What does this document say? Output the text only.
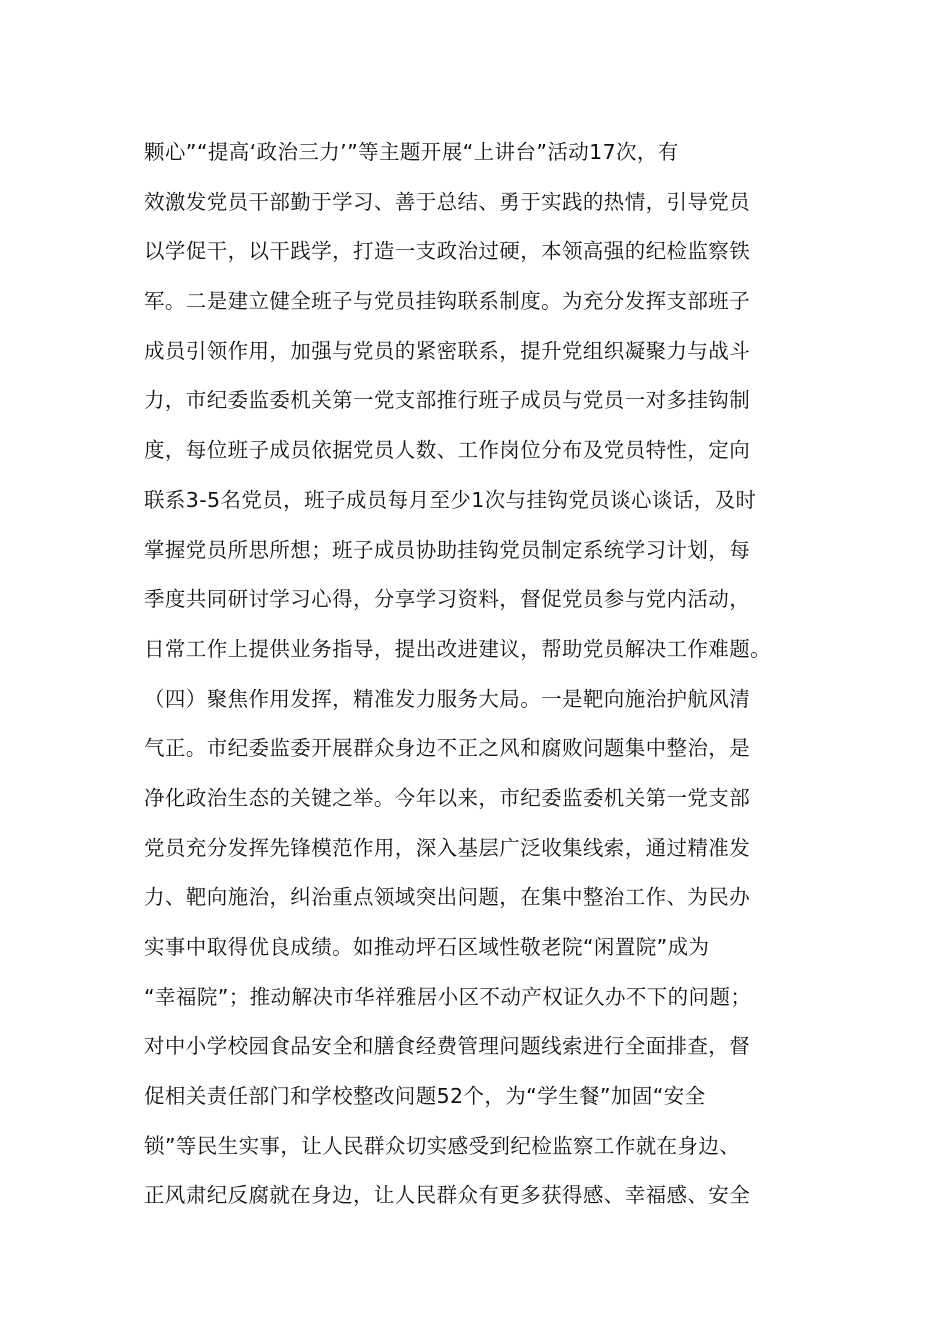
颗心”“提高‘政治三力’”等主题开展“上讲台”活动17次，有
效激发党员干部勤于学习、善于总结、勇于实践的热情，引导党员
以学促干，以干践学，打造一支政治过硬，本领高强的纪检监察铁
军。二是建立健全班子与党员挂钩联系制度。为充分发挥支部班子
成员引领作用，加强与党员的紧密联系，提升党组织凝聚力与战斗
力，市纪委监委机关第一党支部推行班子成员与党员一对多挂钩制
度，每位班子成员依据党员人数、工作岗位分布及党员特性，定向
联系3-5名党员，班子成员每月至少1次与挂钩党员谈心谈话，及时
掌握党员所思所想；班子成员协助挂钩党员制定系统学习计划，每
季度共同研讨学习心得，分享学习资料，督促党员参与党内活动，
日常工作上提供业务指导，提出改进建议，帮助党员解决工作难题。
（四）聚焦作用发挥，精准发力服务大局。一是靶向施治护航风清
气正。市纪委监委开展群众身边不正之风和腐败问题集中整治，是
净化政治生态的关键之举。今年以来，市纪委监委机关第一党支部
党员充分发挥先锋模范作用，深入基层广泛收集线索，通过精准发
力、靶向施治，纠治重点领域突出问题，在集中整治工作、为民办
实事中取得优良成绩。如推动坪石区域性敬老院“闲置院”成为
“幸福院”；推动解决市华祥雅居小区不动产权证久办不下的问题；
对中小学校园食品安全和膳食经费管理问题线索进行全面排查，督
促相关责任部门和学校整改问题52个，为“学生餐”加固“安全
锁”等民生实事，让人民群众切实感受到纪检监察工作就在身边、
正风肃纪反腐就在身边，让人民群众有更多获得感、幸福感、安全
